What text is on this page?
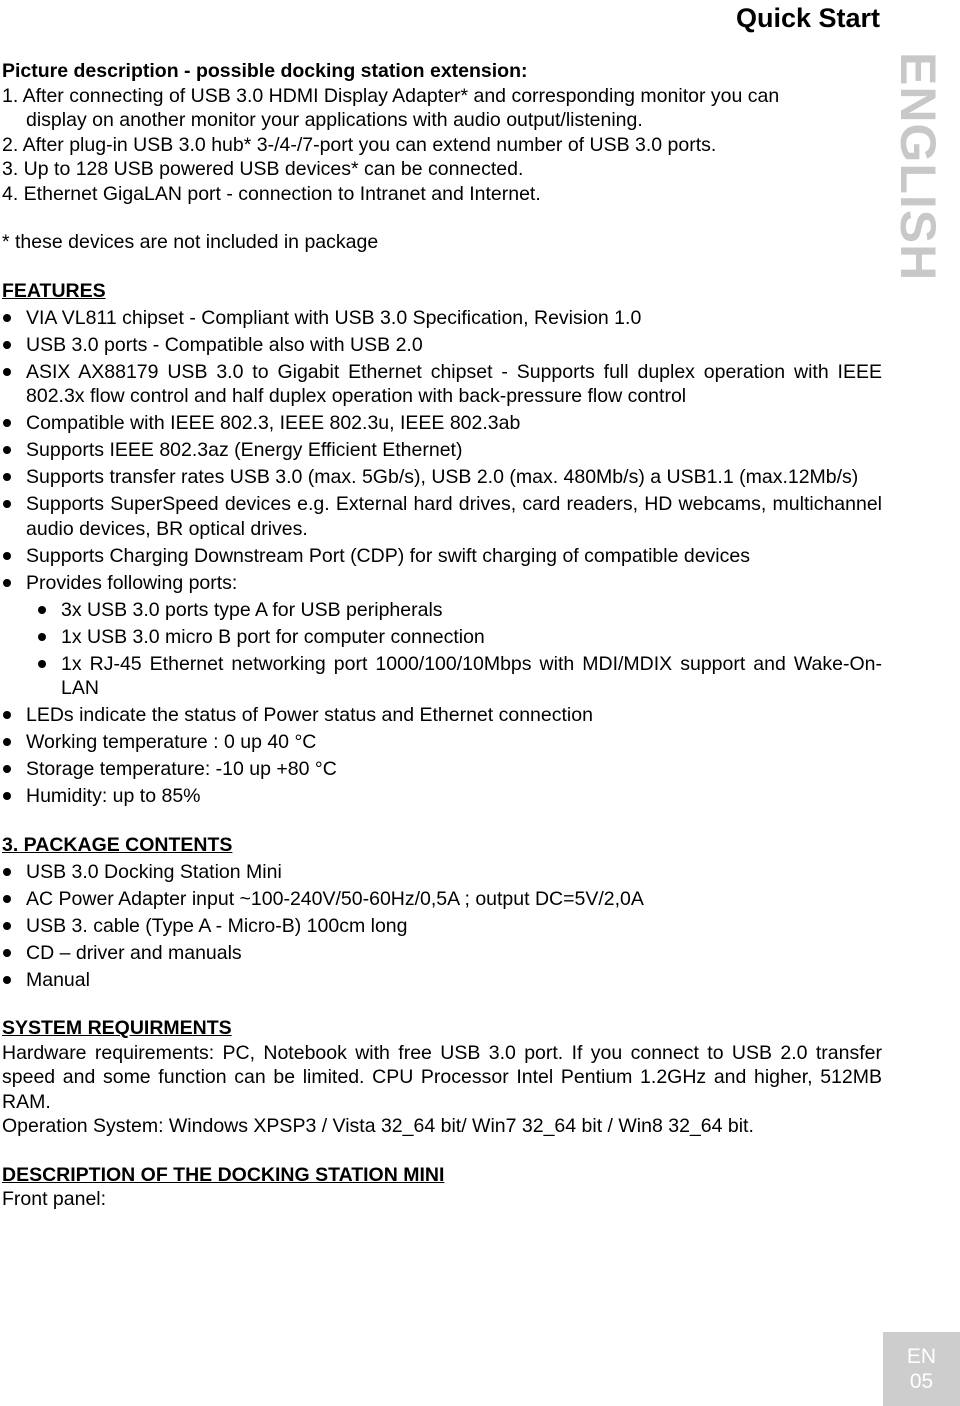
Quick Start
ENGLISH

Picture description - possible docking station extension:

1. After connecting of USB 3.0 HDMI Display Adapter* and corresponding monitor you can

display on another monitor your applications with audio output/listening.

2. After plug-in USB 3.0 hub* 3-/4-/7-port you can extend number of USB 3.0 ports.

3. Up to 128 USB powered USB devices* can be connected.

4. Ethernet GigaLAN port - connection to Intranet and Internet.

* these devices are not included in package

FEATURES

VIA VL811 chipset - Compliant with USB 3.0 Specification, Revision 1.0
USB 3.0 ports - Compatible also with USB 2.0
ASIX AX88179 USB 3.0 to Gigabit Ethernet chipset - Supports full duplex operation with IEEE 802.3x flow control and half duplex operation with back-pressure flow control
Compatible with IEEE 802.3, IEEE 802.3u, IEEE 802.3ab
Supports IEEE 802.3az (Energy Efficient Ethernet)
Supports transfer rates USB 3.0 (max. 5Gb/s), USB 2.0 (max. 480Mb/s) a USB1.1 (max.12Mb/s)
Supports SuperSpeed devices e.g. External hard drives, card readers, HD webcams, multichannel audio devices, BR optical drives.
Supports Charging Downstream Port (CDP) for swift charging of compatible devices
Provides following ports:
3x USB 3.0 ports type A for USB peripherals
1x USB 3.0 micro B port for computer connection
1x RJ-45 Ethernet networking port 1000/100/10Mbps with MDI/MDIX support and Wake-On-LAN
LEDs indicate the status of Power status and Ethernet connection
Working temperature : 0 up 40 °C
Storage temperature: -10 up +80 °C
Humidity: up to 85%

3. PACKAGE CONTENTS

USB 3.0 Docking Station Mini
AC Power Adapter input ~100-240V/50-60Hz/0,5A ; output DC=5V/2,0A
USB 3. cable (Type A - Micro-B) 100cm long
CD – driver and manuals
Manual

SYSTEM REQUIRMENTS

Hardware requirements: PC, Notebook with free USB 3.0 port. If you connect to USB 2.0 transfer speed and some function can be limited. CPU Processor Intel Pentium 1.2GHz and higher, 512MB RAM.

Operation System: Windows XPSP3 / Vista 32_64 bit/ Win7 32_64 bit / Win8 32_64 bit.

DESCRIPTION OF THE DOCKING STATION MINI

Front panel:

EN
05
